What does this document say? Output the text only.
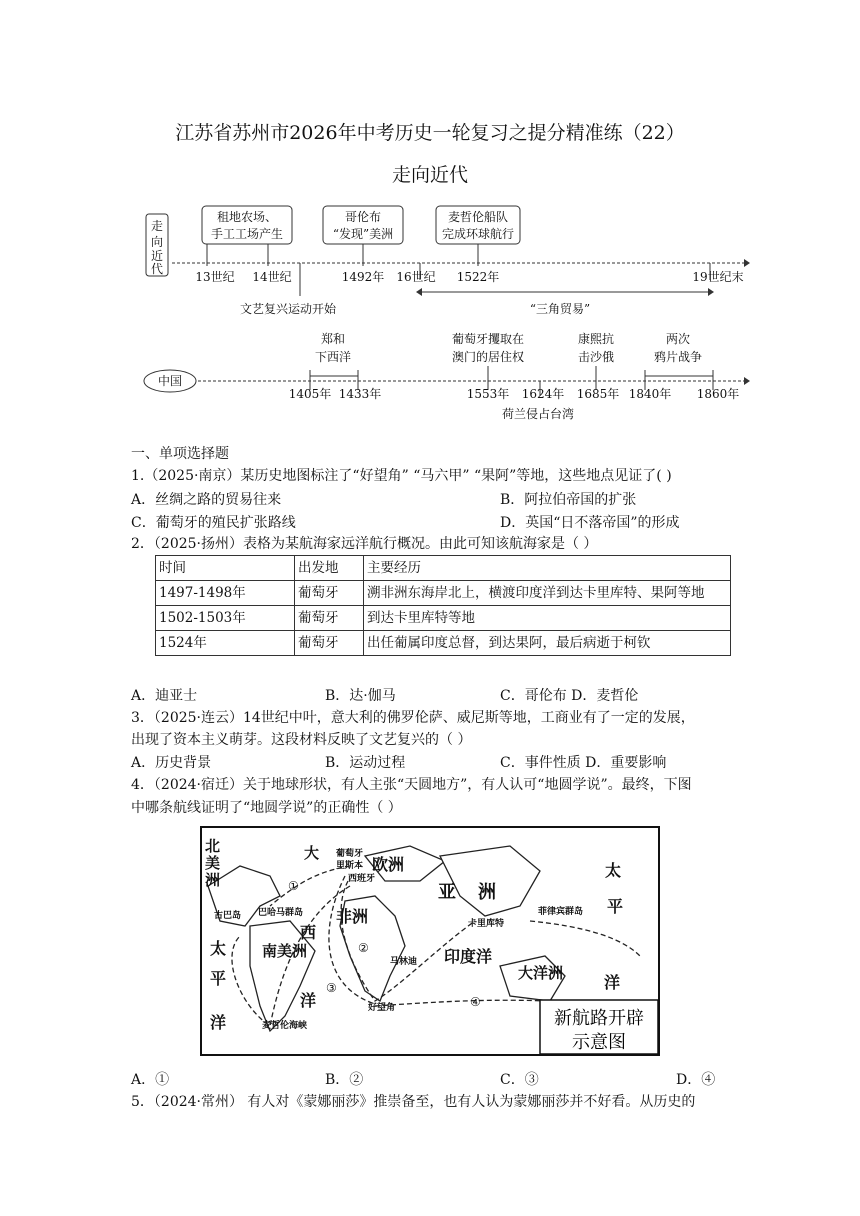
江苏省苏州市2026年中考历史一轮复习之提分精准练（22）
走向近代
走
向
近
代
租地农场、
手工工场产生
哥伦布
“发现”美洲
麦哲伦船队
完成环球航行
13世纪 14世纪	1492年 16世纪 1522年	19世纪末
文艺复兴运动开始	“三角贸易”
郑和
下西洋
葡萄牙攫取在
澳门的居住权
康熙抗
击沙俄
两次
鸦片战争
中国
1405年 1433年	1553年 1624年 1685年 1840年 1860年
荷兰侵占台湾
一、单项选择题
1.（2025·南京）某历史地图标注了“好望角” “马六甲” “果阿”等地，这些地点见证了( )
A．丝绸之路的贸易往来	B．阿拉伯帝国的扩张
C．葡萄牙的殖民扩张路线	D．英国“日不落帝国”的形成
2．（2025·扬州）表格为某航海家远洋航行概况。由此可知该航海家是（ ）
时间	出发地	主要经历
1497-1498年	葡萄牙	溯非洲东海岸北上，横渡印度洋到达卡里库特、果阿等地
1502-1503年	葡萄牙	到达卡里库特等地
1524年	葡萄牙	出任葡属印度总督，到达果阿，最后病逝于柯钦
A．迪亚士	B．达·伽马	C．哥伦布 D．麦哲伦
3．（2025·连云）14世纪中叶，意大利的佛罗伦萨、威尼斯等地，工商业有了一定的发展，
出现了资本主义萌芽。这段材料反映了文艺复兴的（ ）
A．历史背景	B．运动过程	C．事件性质 D．重要影响
4．（2024·宿迁）关于地球形状，有人主张“天圆地方”，有人认可“地圆学说”。最终，下图
中哪条航线证明了“地圆学说”的正确性（ ）
北
美
洲
大 葡萄牙
里斯本 欧洲
西班牙
亚 洲
太
平
古巴岛 巴哈马群岛 非洲
西
南美洲
马林迪
卡里库特
菲律宾群岛
太
平
洋
洋
印度洋
大洋洲	洋
好望角
麦哲伦海峡
①
②
③
④
新航路开辟
示意图
A．①	B．②	C．③	D．④
5．（2024·常州） 有人对《蒙娜丽莎》推崇备至，也有人认为蒙娜丽莎并不好看。从历史的
